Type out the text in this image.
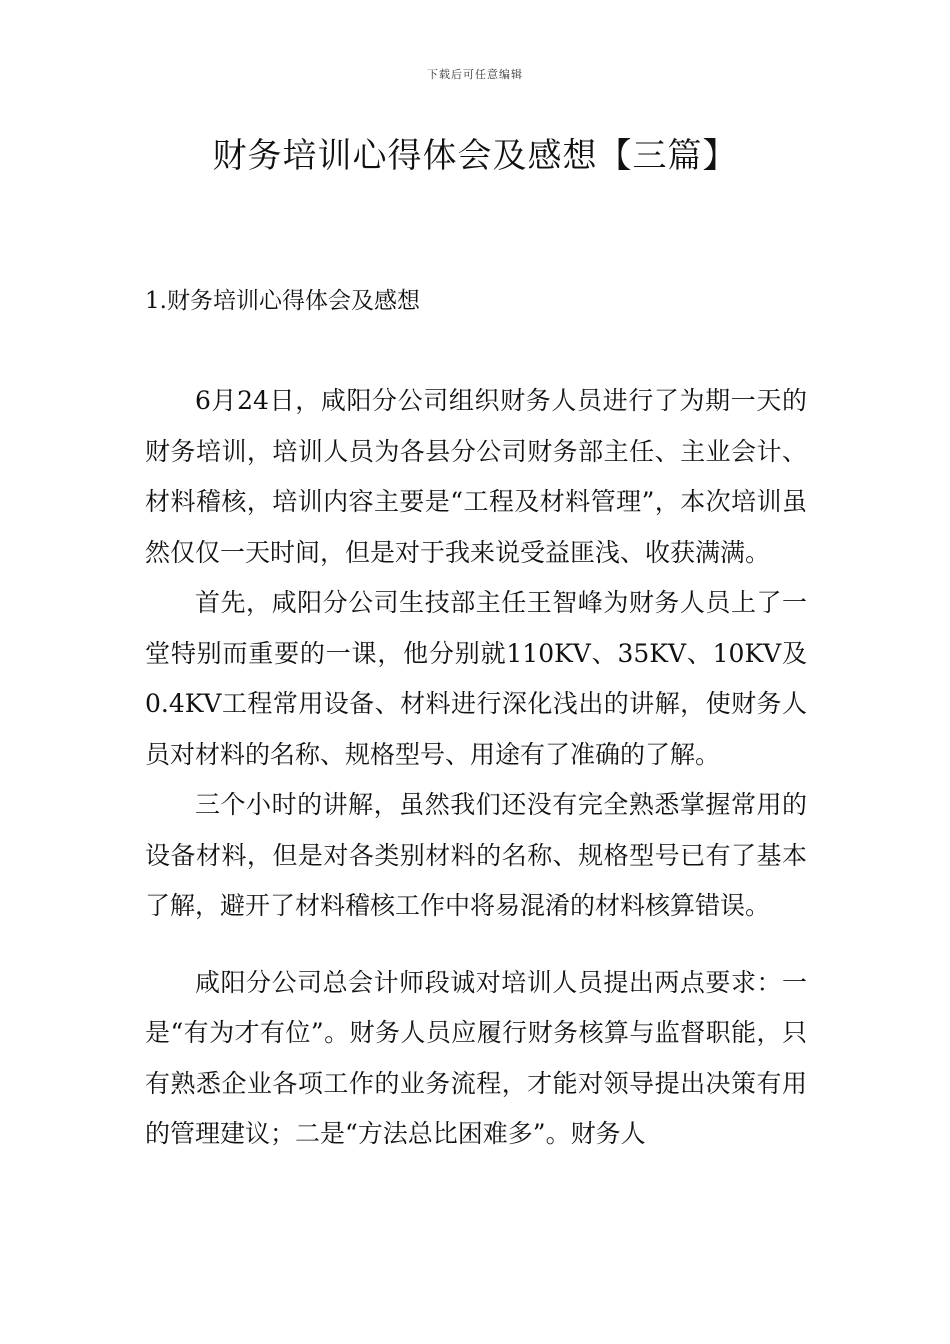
下载后可任意编辑
财务培训心得体会及感想【三篇】
1.财务培训心得体会及感想

6月24日，咸阳分公司组织财务人员进行了为期一天的财务培训，培训人员为各县分公司财务部主任、主业会计、材料稽核，培训内容主要是“工程及材料管理”，本次培训虽然仅仅一天时间，但是对于我来说受益匪浅、收获满满。

首先，咸阳分公司生技部主任王智峰为财务人员上了一堂特别而重要的一课，他分别就110KV、35KV、10KV及0.4KV工程常用设备、材料进行深化浅出的讲解，使财务人员对材料的名称、规格型号、用途有了准确的了解。

三个小时的讲解，虽然我们还没有完全熟悉掌握常用的设备材料，但是对各类别材料的名称、规格型号已有了基本了解，避开了材料稽核工作中将易混淆的材料核算错误。

咸阳分公司总会计师段诚对培训人员提出两点要求：一是“有为才有位”。财务人员应履行财务核算与监督职能，只有熟悉企业各项工作的业务流程，才能对领导提出决策有用的管理建议；二是“方法总比困难多”。财务人
